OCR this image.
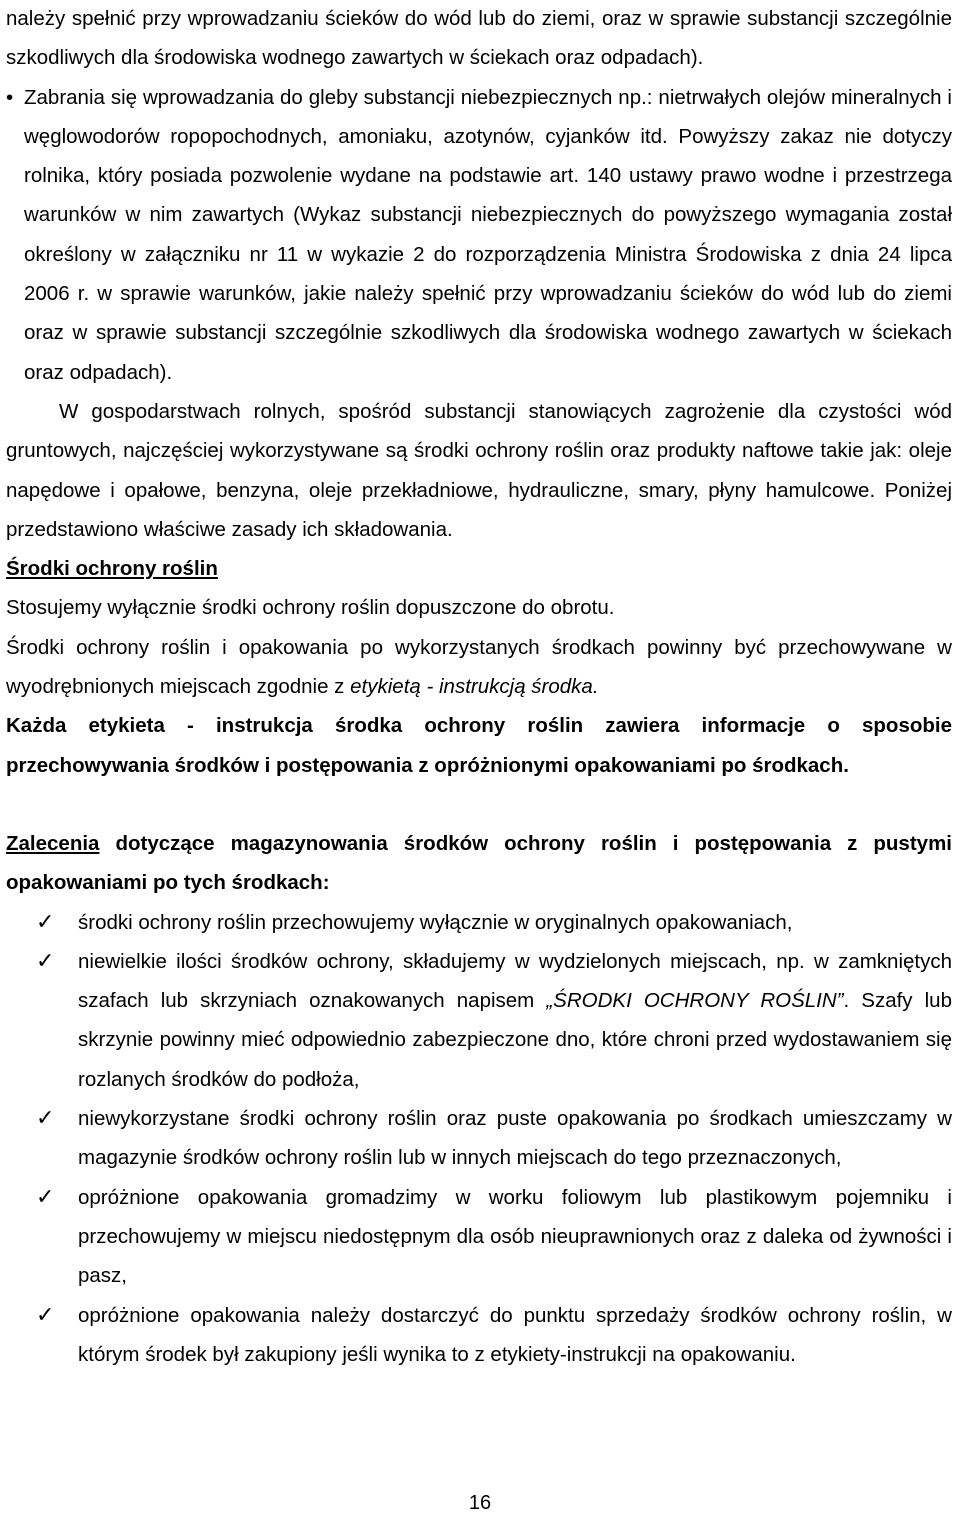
należy spełnić przy wprowadzaniu ścieków do wód lub do ziemi, oraz w sprawie substancji szczególnie szkodliwych dla środowiska wodnego zawartych w ściekach oraz odpadach).

• Zabrania się wprowadzania do gleby substancji niebezpiecznych np.: nietrwałych olejów mineralnych i węglowodorów ropopochodnych, amoniaku, azotynów, cyjanków itd. Powyższy zakaz nie dotyczy rolnika, który posiada pozwolenie wydane na podstawie art. 140 ustawy prawo wodne i przestrzega warunków w nim zawartych (Wykaz substancji niebezpiecznych do powyższego wymagania został określony w załączniku nr 11 w wykazie 2 do rozporządzenia Ministra Środowiska z dnia 24 lipca 2006 r. w sprawie warunków, jakie należy spełnić przy wprowadzaniu ścieków do wód lub do ziemi oraz w sprawie substancji szczególnie szkodliwych dla środowiska wodnego zawartych w ściekach oraz odpadach).

W gospodarstwach rolnych, spośród substancji stanowiących zagrożenie dla czystości wód gruntowych, najczęściej wykorzystywane są środki ochrony roślin oraz produkty naftowe takie jak: oleje napędowe i opałowe, benzyna, oleje przekładniowe, hydrauliczne, smary, płyny hamulcowe. Poniżej przedstawiono właściwe zasady ich składowania.

Środki ochrony roślin

Stosujemy wyłącznie środki ochrony roślin dopuszczone do obrotu.

Środki ochrony roślin i opakowania po wykorzystanych środkach powinny być przechowywane w wyodrębnionych miejscach zgodnie z etykietą - instrukcją środka.

Każda etykieta - instrukcja środka ochrony roślin zawiera informacje o sposobie przechowywania środków i postępowania z opróżnionymi opakowaniami po środkach.

Zalecenia dotyczące magazynowania środków ochrony roślin i postępowania z pustymi opakowaniami po tych środkach:

✓ środki ochrony roślin przechowujemy wyłącznie w oryginalnych opakowaniach,
✓ niewielkie ilości środków ochrony, składujemy w wydzielonych miejscach, np. w zamkniętych szafach lub skrzyniach oznakowanych napisem „ŚRODKI OCHRONY ROŚLIN”. Szafy lub skrzynie powinny mieć odpowiednio zabezpieczone dno, które chroni przed wydostawaniem się rozlanych środków do podłoża,
✓ niewykorzystane środki ochrony roślin oraz puste opakowania po środkach umieszczamy w magazynie środków ochrony roślin lub w innych miejscach do tego przeznaczonych,
✓ opróżnione opakowania gromadzimy w worku foliowym lub plastikowym pojemniku i przechowujemy w miejscu niedostępnym dla osób nieuprawnionych oraz z daleka od żywności i pasz,
✓ opróżnione opakowania należy dostarczyć do punktu sprzedaży środków ochrony roślin, w którym środek był zakupiony jeśli wynika to z etykiety-instrukcji na opakowaniu.
16
